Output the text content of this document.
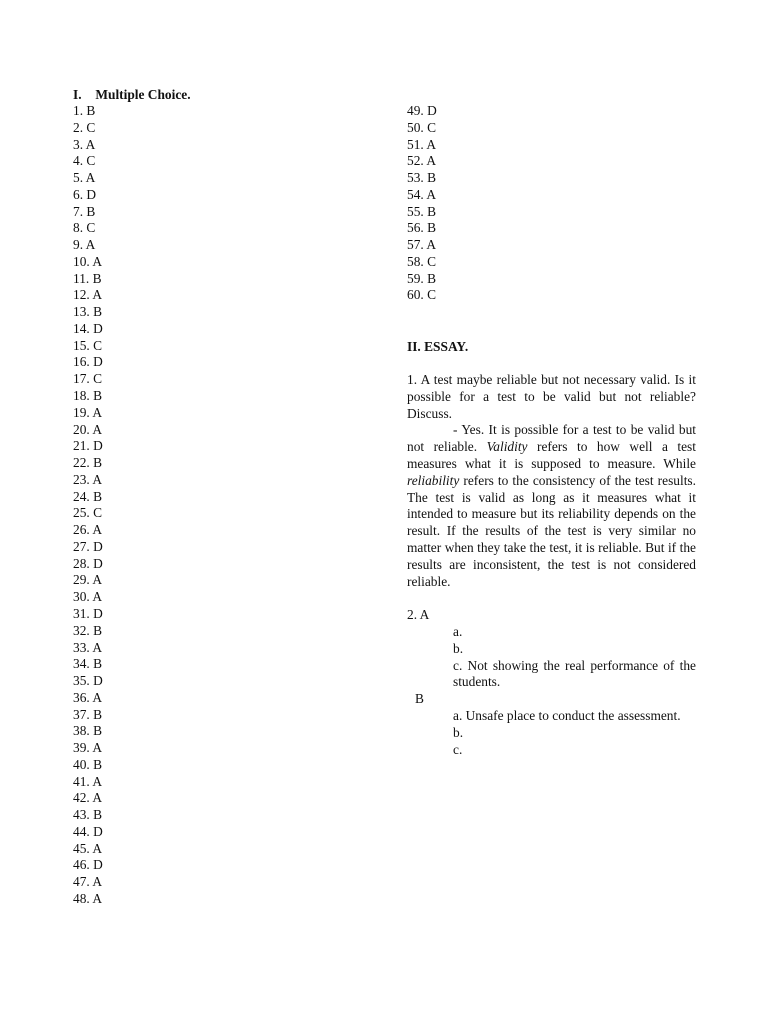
I. Multiple Choice.
1. B
2. C
3. A
4. C
5. A
6. D
7. B
8. C
9. A
10. A
11. B
12. A
13. B
14. D
15. C
16. D
17. C
18. B
19. A
20. A
21. D
22. B
23. A
24. B
25. C
26. A
27. D
28. D
29. A
30. A
31. D
32. B
33. A
34. B
35. D
36. A
37. B
38. B
39. A
40. B
41. A
42. A
43. B
44. D
45. A
46. D
47. A
48. A
49. D
50. C
51. A
52. A
53. B
54. A
55. B
56. B
57. A
58. C
59. B
60. C
II. ESSAY.

1. A test maybe reliable but not necessary valid. Is it possible for a test to be valid but not reliable? Discuss.

- Yes. It is possible for a test to be valid but not reliable. Validity refers to how well a test measures what it is supposed to measure. While reliability refers to the consistency of the test results. The test is valid as long as it measures what it intended to measure but its reliability depends on the result. If the results of the test is very similar no matter when they take the test, it is reliable. But if the results are inconsistent, the test is not considered reliable.

2. A

a.

b.

c. Not showing the real performance of the students.

B

a. Unsafe place to conduct the assessment.

b.

c.
